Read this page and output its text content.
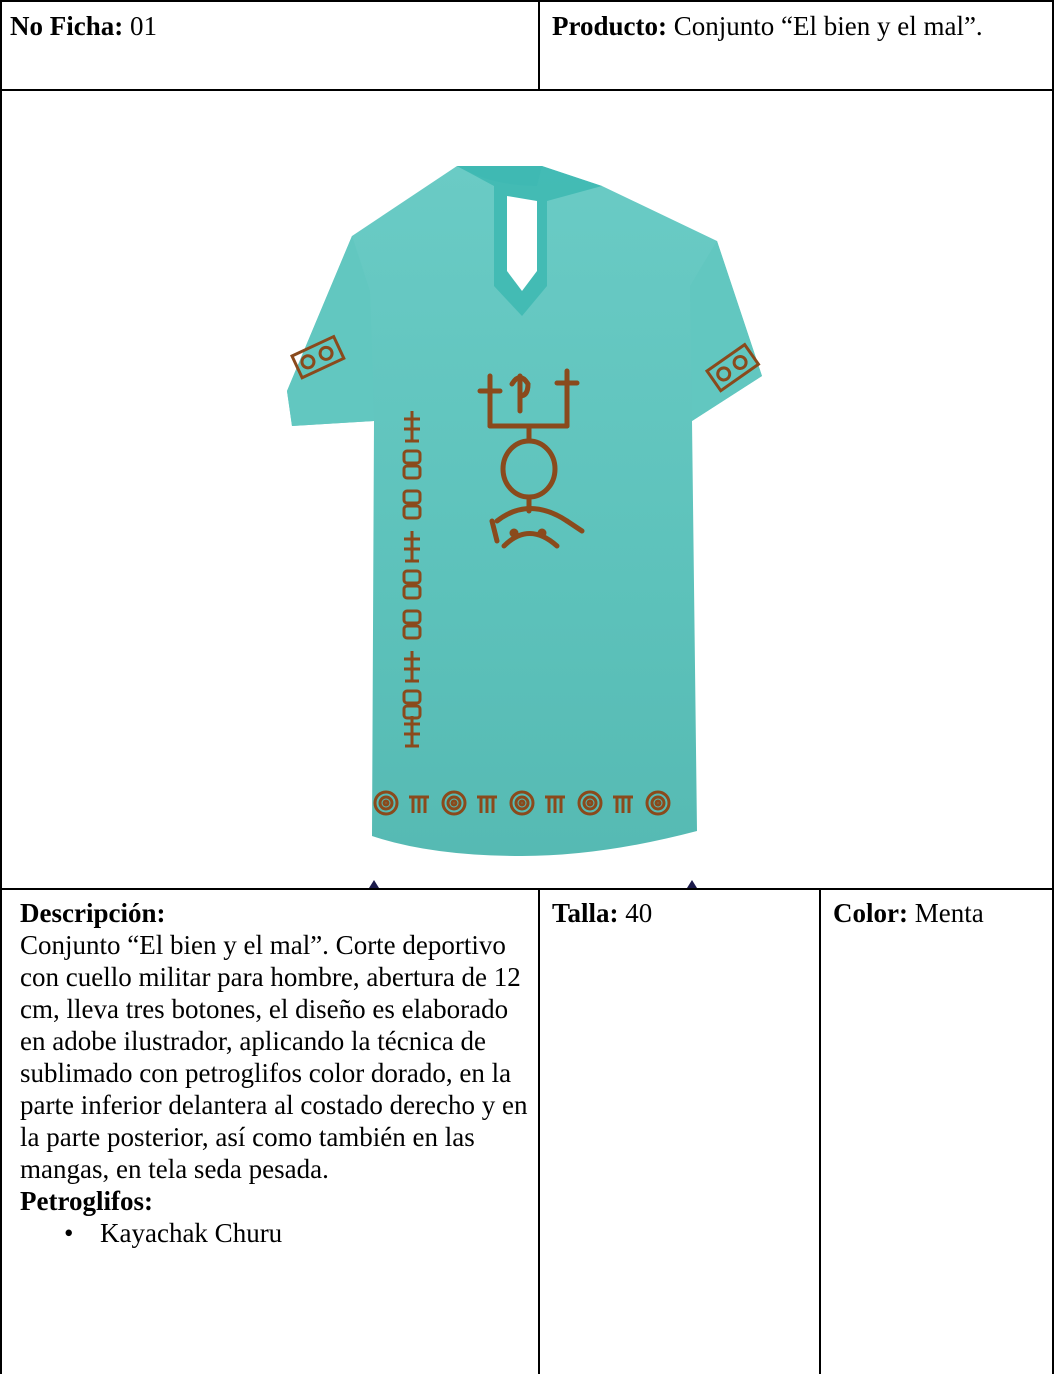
No Ficha: 01	Producto: Conjunto “El bien y el mal”.

Descripción:

Conjunto “El bien y el mal”. Corte deportivo con cuello militar para hombre, abertura de 12 cm, lleva tres botones, el diseño es elaborado en adobe ilustrador, aplicando la técnica de sublimado con petroglifos color dorado, en la parte inferior delantera al costado derecho y en la parte posterior, así como también en las mangas, en tela seda pesada.

Petroglifos:

• Kayachak Churu
Talla: 40	Color: Menta
